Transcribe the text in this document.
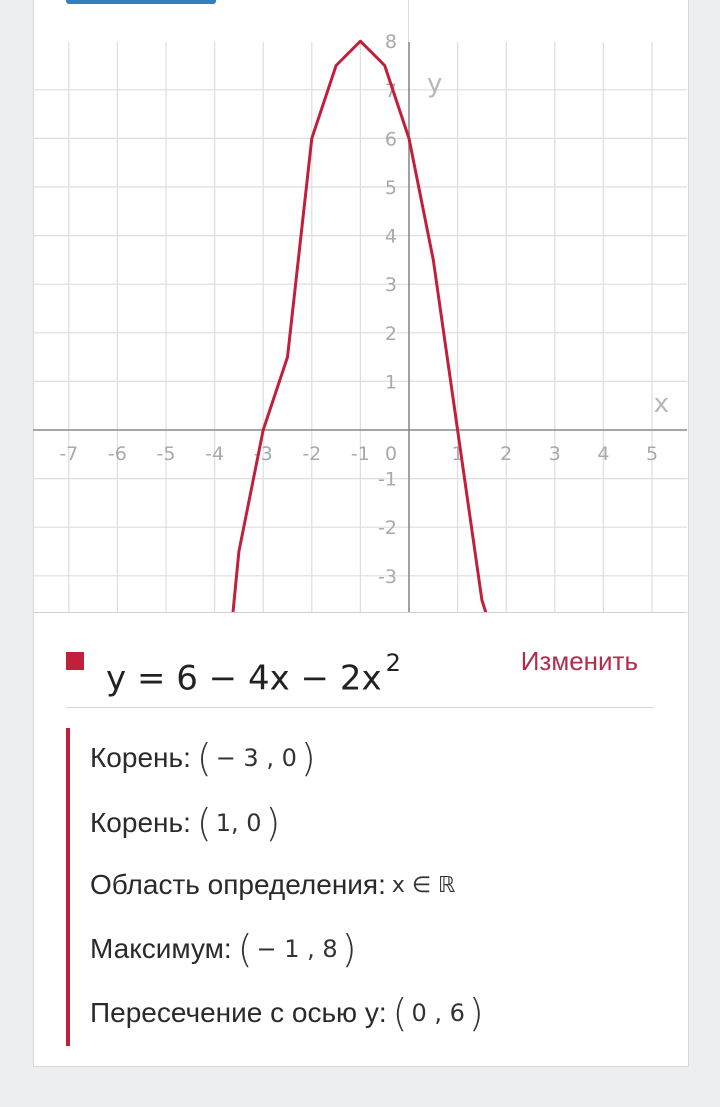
-7 -6 -5 -4 -3 -2 -1	1 2 3 4 5
-3
-2
-1
1
2
3
4
5
6
7
8
0
x
y
y = 6 − 4x − 2x $^2$	Изменить
Корень: ( − 3 , 0 )
Корень: ( 1, 0 )
Область определения: x ∈ ℝ
Максимум: ( − 1 , 8 )
Пересечение с осью y: ( 0 , 6 )
